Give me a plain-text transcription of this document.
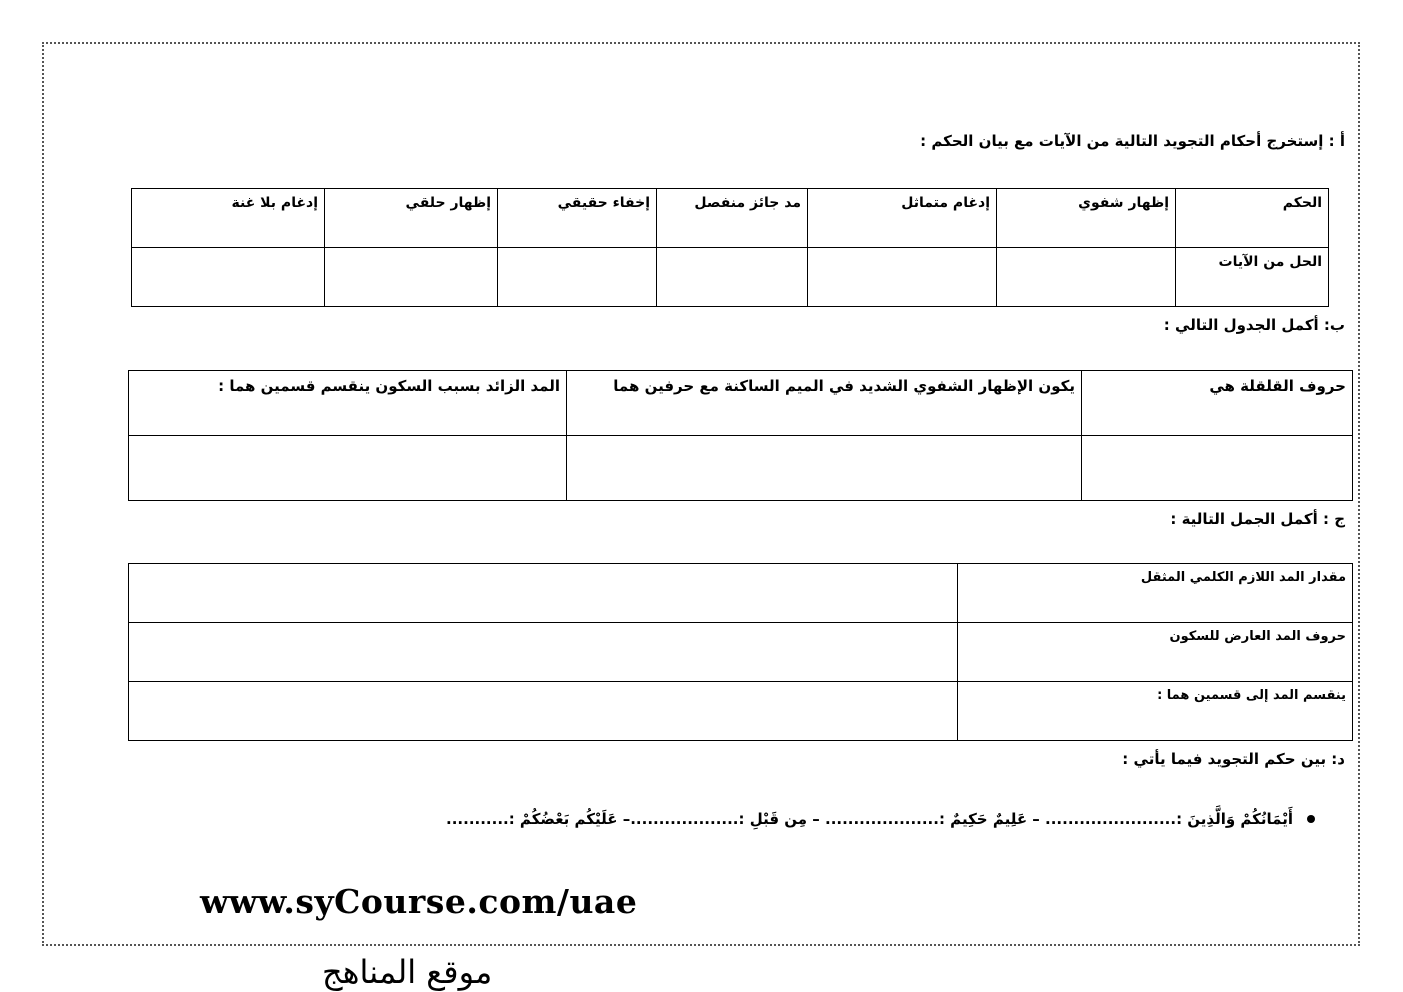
أ : إستخرج أحكام التجويد التالية من الآيات مع بيان الحكم :
الحكم	إظهار شفوي	إدغام متماثل	مد جائز منفصل	إخفاء حقيقي	إظهار حلقي	إدغام بلا غنة
الحل من الآيات						
ب: أكمل الجدول التالي :
حروف القلقلة هي	يكون الإظهار الشفوي الشديد في الميم الساكنة مع حرفين هما	المد الزائد بسبب السكون ينقسم قسمين هما :

ج : أكمل الجمل التالية :
مقدار المد اللازم الكلمي المثقل	
حروف المد العارض للسكون	
ينقسم المد إلى قسمين هما :	
د: بين حكم التجويد فيما يأتي :
أَيْمَانُكُمْ وَالَّذِينَ :....................... – عَلِيمٌ حَكِيمٌ :.................... – مِن قَبْلِ :...................– عَلَيْكُم بَعْضُكُمْ :...........
www.syCourse.com/uae
موقع المناهج
